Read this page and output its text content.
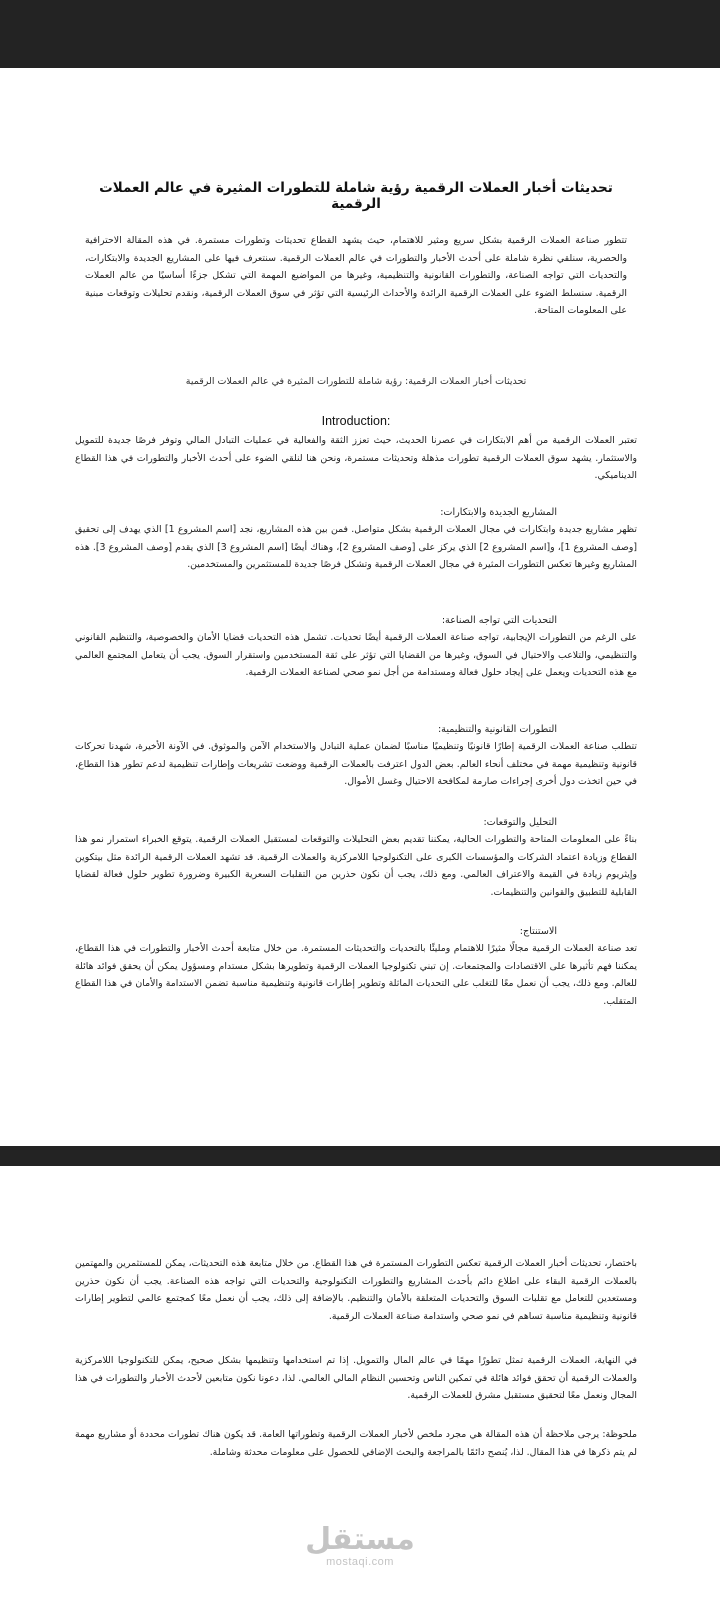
تحديثات أخبار العملات الرقمية رؤية شاملة للتطورات المثيرة في عالم العملات الرقمية

تتطور صناعة العملات الرقمية بشكل سريع ومثير للاهتمام، حيث يشهد القطاع تحديثات وتطورات مستمرة. في هذه المقالة الاحترافية والحصرية، سنلقي نظرة شاملة على أحدث الأخبار والتطورات في عالم العملات الرقمية. سنتعرف فيها على المشاريع الجديدة والابتكارات، والتحديات التي تواجه الصناعة، والتطورات القانونية والتنظيمية، وغيرها من المواضيع المهمة التي تشكل جزءًا أساسيًا من عالم العملات الرقمية. سنسلط الضوء على العملات الرقمية الرائدة والأحداث الرئيسية التي تؤثر في سوق العملات الرقمية، ونقدم تحليلات وتوقعات مبنية على المعلومات المتاحة.

تحديثات أخبار العملات الرقمية: رؤية شاملة للتطورات المثيرة في عالم العملات الرقمية

Introduction:

تعتبر العملات الرقمية من أهم الابتكارات في عصرنا الحديث، حيث تعزز الثقة والفعالية في عمليات التبادل المالي وتوفر فرصًا جديدة للتمويل والاستثمار. يشهد سوق العملات الرقمية تطورات مذهلة وتحديثات مستمرة، ونحن هنا لنلقي الضوء على أحدث الأخبار والتطورات في هذا القطاع الديناميكي.

المشاريع الجديدة والابتكارات:

تظهر مشاريع جديدة وابتكارات في مجال العملات الرقمية بشكل متواصل. فمن بين هذه المشاريع، نجد [اسم المشروع 1] الذي يهدف إلى تحقيق [وصف المشروع 1]، و[اسم المشروع 2] الذي يركز على [وصف المشروع 2]، وهناك أيضًا [اسم المشروع 3] الذي يقدم [وصف المشروع 3]. هذه المشاريع وغيرها تعكس التطورات المثيرة في مجال العملات الرقمية وتشكل فرصًا جديدة للمستثمرين والمستخدمين.

التحديات التي تواجه الصناعة:

على الرغم من التطورات الإيجابية، تواجه صناعة العملات الرقمية أيضًا تحديات. تشمل هذه التحديات قضايا الأمان والخصوصية، والتنظيم القانوني والتنظيمي، والتلاعب والاحتيال في السوق، وغيرها من القضايا التي تؤثر على ثقة المستخدمين واستقرار السوق. يجب أن يتعامل المجتمع العالمي مع هذه التحديات ويعمل على إيجاد حلول فعالة ومستدامة من أجل نمو صحي لصناعة العملات الرقمية.

التطورات القانونية والتنظيمية:

تتطلب صناعة العملات الرقمية إطارًا قانونيًا وتنظيميًا مناسبًا لضمان عملية التبادل والاستخدام الآمن والموثوق. في الآونة الأخيرة، شهدنا تحركات قانونية وتنظيمية مهمة في مختلف أنحاء العالم. بعض الدول اعترفت بالعملات الرقمية ووضعت تشريعات وإطارات تنظيمية لدعم تطور هذا القطاع، في حين اتخذت دول أخرى إجراءات صارمة لمكافحة الاحتيال وغسل الأموال.

التحليل والتوقعات:

بناءً على المعلومات المتاحة والتطورات الحالية، يمكننا تقديم بعض التحليلات والتوقعات لمستقبل العملات الرقمية. يتوقع الخبراء استمرار نمو هذا القطاع وزيادة اعتماد الشركات والمؤسسات الكبرى على التكنولوجيا اللامركزية والعملات الرقمية. قد تشهد العملات الرقمية الرائدة مثل بيتكوين وإيثريوم زيادة في القيمة والاعتراف العالمي. ومع ذلك، يجب أن نكون حذرين من التقلبات السعرية الكبيرة وضرورة تطوير حلول فعالة لقضايا القابلية للتطبيق والقوانين والتنظيمات.

الاستنتاج:

تعد صناعة العملات الرقمية مجالًا مثيرًا للاهتمام ومليئًا بالتحديات والتحديثات المستمرة. من خلال متابعة أحدث الأخبار والتطورات في هذا القطاع، يمكننا فهم تأثيرها على الاقتصادات والمجتمعات. إن تبني تكنولوجيا العملات الرقمية وتطويرها بشكل مستدام ومسؤول يمكن أن يحقق فوائد هائلة للعالم. ومع ذلك، يجب أن نعمل معًا للتغلب على التحديات الماثلة وتطوير إطارات قانونية وتنظيمية مناسبة تضمن الاستدامة والأمان في هذا القطاع المتقلب.

باختصار، تحديثات أخبار العملات الرقمية تعكس التطورات المستمرة في هذا القطاع. من خلال متابعة هذه التحديثات، يمكن للمستثمرين والمهتمين بالعملات الرقمية البقاء على اطلاع دائم بأحدث المشاريع والتطورات التكنولوجية والتحديات التي تواجه هذه الصناعة. يجب أن نكون حذرين ومستعدين للتعامل مع تقلبات السوق والتحديات المتعلقة بالأمان والتنظيم. بالإضافة إلى ذلك، يجب أن نعمل معًا كمجتمع عالمي لتطوير إطارات قانونية وتنظيمية مناسبة تساهم في نمو صحي واستدامة صناعة العملات الرقمية.

في النهاية، العملات الرقمية تمثل تطورًا مهمًا في عالم المال والتمويل. إذا تم استخدامها وتنظيمها بشكل صحيح، يمكن للتكنولوجيا اللامركزية والعملات الرقمية أن تحقق فوائد هائلة في تمكين الناس وتحسين النظام المالي العالمي. لذا، دعونا نكون متابعين لأحدث الأخبار والتطورات في هذا المجال ونعمل معًا لتحقيق مستقبل مشرق للعملات الرقمية.

ملحوظة: يرجى ملاحظة أن هذه المقالة هي مجرد ملخص لأخبار العملات الرقمية وتطوراتها العامة. قد يكون هناك تطورات محددة أو مشاريع مهمة لم يتم ذكرها في هذا المقال. لذا، يُنصح دائمًا بالمراجعة والبحث الإضافي للحصول على معلومات محدثة وشاملة.

مستقل
mostaqi.com
